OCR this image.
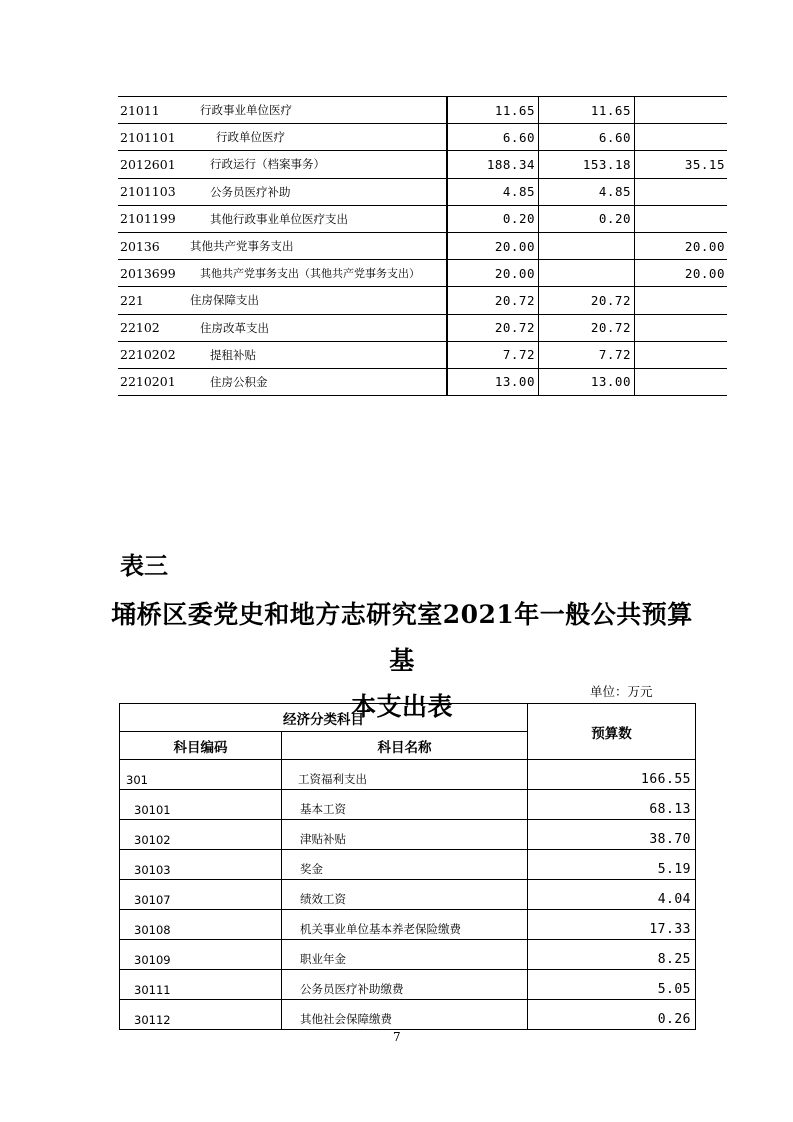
21011	行政事业单位医疗	11.65	11.65	
2101101	行政单位医疗	6.60	6.60	
2012601	行政运行（档案事务）	188.34	153.18	35.15
2101103	公务员医疗补助	4.85	4.85	
2101199	其他行政事业单位医疗支出	0.20	0.20	
20136	其他共产党事务支出	20.00		20.00
2013699	其他共产党事务支出（其他共产党事务支出）	20.00		20.00
221	住房保障支出	20.72	20.72	
22102	住房改革支出	20.72	20.72	
2210202	提租补贴	7.72	7.72	
2210201	住房公积金	13.00	13.00	
表三
埇桥区委党史和地方志研究室2021年一般公共预算基
本支出表
单位：万元
经济分类科目		预算数
科目编码	科目名称	
301	工资福利支出	166.55
30101	基本工资	68.13
30102	津贴补贴	38.70
30103	奖金	5.19
30107	绩效工资	4.04
30108	机关事业单位基本养老保险缴费	17.33
30109	职业年金	8.25
30111	公务员医疗补助缴费	5.05
30112	其他社会保障缴费	0.26
7
